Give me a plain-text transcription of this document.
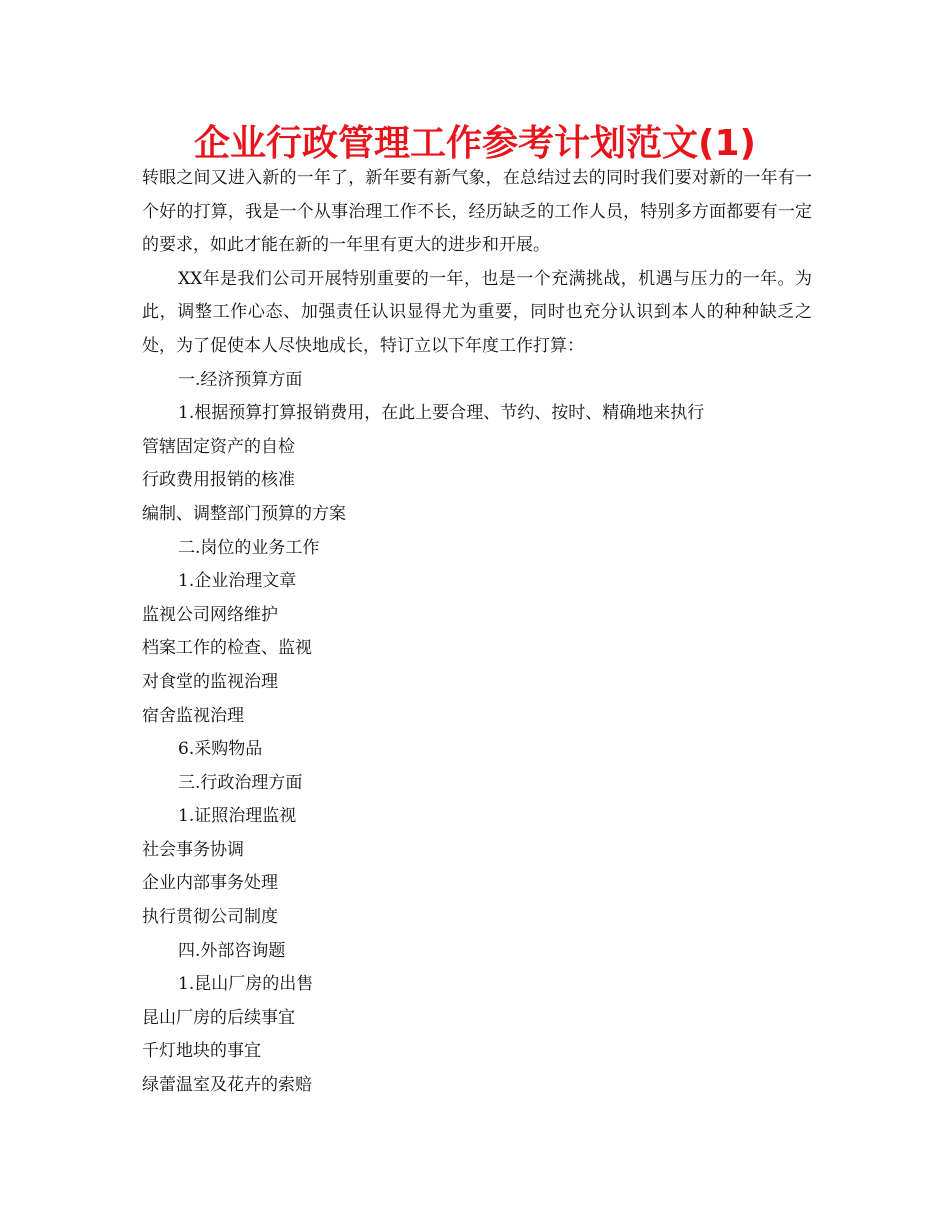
企业行政管理工作参考计划范文(1)

转眼之间又进入新的一年了，新年要有新气象，在总结过去的同时我们要对新的一年有一个好的打算，我是一个从事治理工作不长，经历缺乏的工作人员，特别多方面都要有一定的要求，如此才能在新的一年里有更大的进步和开展。

XX年是我们公司开展特别重要的一年，也是一个充满挑战，机遇与压力的一年。为此，调整工作心态、加强责任认识显得尤为重要，同时也充分认识到本人的种种缺乏之处，为了促使本人尽快地成长，特订立以下年度工作打算：

一.经济预算方面

1.根据预算打算报销费用，在此上要合理、节约、按时、精确地来执行

管辖固定资产的自检

行政费用报销的核准

编制、调整部门预算的方案

二.岗位的业务工作

1.企业治理文章

监视公司网络维护

档案工作的检查、监视

对食堂的监视治理

宿舍监视治理

6.采购物品

三.行政治理方面

1.证照治理监视

社会事务协调

企业内部事务处理

执行贯彻公司制度

四.外部咨询题

1.昆山厂房的出售

昆山厂房的后续事宜

千灯地块的事宜

绿蕾温室及花卉的索赔
